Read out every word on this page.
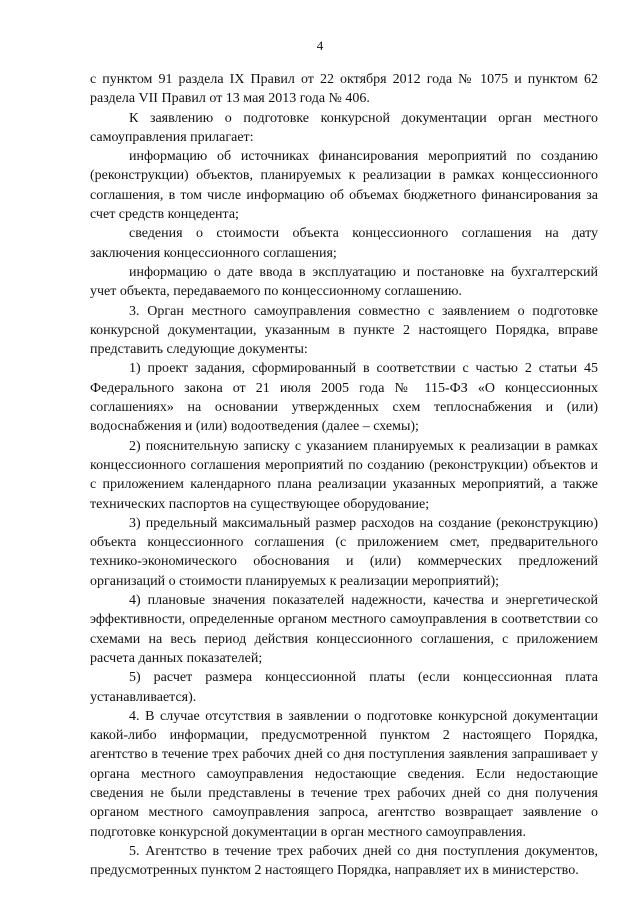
4

с пунктом 91 раздела IX Правил от 22 октября 2012 года № 1075 и пунктом 62 раздела VII Правил от 13 мая 2013 года № 406.

К заявлению о подготовке конкурсной документации орган местного самоуправления прилагает:

информацию об источниках финансирования мероприятий по созданию (реконструкции) объектов, планируемых к реализации в рамках концессионного соглашения, в том числе информацию об объемах бюджетного финансирования за счет средств концедента;

сведения о стоимости объекта концессионного соглашения на дату заключения концессионного соглашения;

информацию о дате ввода в эксплуатацию и постановке на бухгалтерский учет объекта, передаваемого по концессионному соглашению.

3. Орган местного самоуправления совместно с заявлением о подготовке конкурсной документации, указанным в пункте 2 настоящего Порядка, вправе представить следующие документы:

1) проект задания, сформированный в соответствии с частью 2 статьи 45 Федерального закона от 21 июля 2005 года № 115-ФЗ «О концессионных соглашениях» на основании утвержденных схем теплоснабжения и (или) водоснабжения и (или) водоотведения (далее – схемы);

2) пояснительную записку с указанием планируемых к реализации в рамках концессионного соглашения мероприятий по созданию (реконструкции) объектов и с приложением календарного плана реализации указанных мероприятий, а также технических паспортов на существующее оборудование;

3) предельный максимальный размер расходов на создание (реконструкцию) объекта концессионного соглашения (с приложением смет, предварительного технико-экономического обоснования и (или) коммерческих предложений организаций о стоимости планируемых к реализации мероприятий);

4) плановые значения показателей надежности, качества и энергетической эффективности, определенные органом местного самоуправления в соответствии со схемами на весь период действия концессионного соглашения, с приложением расчета данных показателей;

5) расчет размера концессионной платы (если концессионная плата устанавливается).

4. В случае отсутствия в заявлении о подготовке конкурсной документации какой-либо информации, предусмотренной пунктом 2 настоящего Порядка, агентство в течение трех рабочих дней со дня поступления заявления запрашивает у органа местного самоуправления недостающие сведения. Если недостающие сведения не были представлены в течение трех рабочих дней со дня получения органом местного самоуправления запроса, агентство возвращает заявление о подготовке конкурсной документации в орган местного самоуправления.

5. Агентство в течение трех рабочих дней со дня поступления документов, предусмотренных пунктом 2 настоящего Порядка, направляет их в министерство.
